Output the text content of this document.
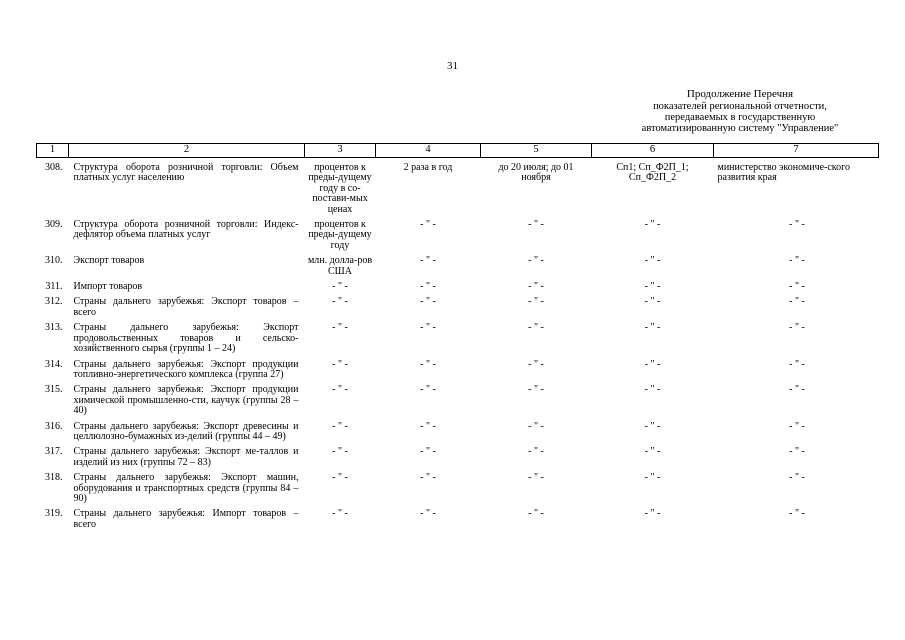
31
Продолжение Перечня
показателей региональной отчетности,
передаваемых в государственную
автоматизированную систему "Управление"
1	2	3	4	5	6	7
308.	Структура оборота розничной торговли: Объем платных услуг населению	процентов к преды-дущему году в со-постави-мых ценах	2 раза в год	до 20 июля; до 01 ноября	Сп1; Сп_Ф2П_1; Сп_Ф2П_2	министерство экономиче-ского развития края
309.	Структура оборота розничной торговли: Индекс-дефлятор объема платных услуг	процентов к преды-дущему году	- " -	- " -	- " -	- " -
310.	Экспорт товаров	млн. долла-ров США	- " -	- " -	- " -	- " -
311.	Импорт товаров	- " -	- " -	- " -	- " -	- " -
312.	Страны дальнего зарубежья: Экспорт товаров – всего	- " -	- " -	- " -	- " -	- " -
313.	Страны дальнего зарубежья: Экспорт продовольственных товаров и сельско-хозяйственного сырья (группы 1 – 24)	- " -	- " -	- " -	- " -	- " -
314.	Страны дальнего зарубежья: Экспорт продукции топливно-энергетического комплекса (группа 27)	- " -	- " -	- " -	- " -	- " -
315.	Страны дальнего зарубежья: Экспорт продукции химической промышленно-сти, каучук (группы 28 – 40)	- " -	- " -	- " -	- " -	- " -
316.	Страны дальнего зарубежья: Экспорт древесины и целлюлозно-бумажных из-делий (группы 44 – 49)	- " -	- " -	- " -	- " -	- " -
317.	Страны дальнего зарубежья: Экспорт ме-таллов и изделий из них (группы 72 – 83)	- " -	- " -	- " -	- " -	- " -
318.	Страны дальнего зарубежья: Экспорт машин, оборудования и транспортных средств (группы 84 – 90)	- " -	- " -	- " -	- " -	- " -
319.	Страны дальнего зарубежья: Импорт товаров – всего	- " -	- " -	- " -	- " -	- " -
